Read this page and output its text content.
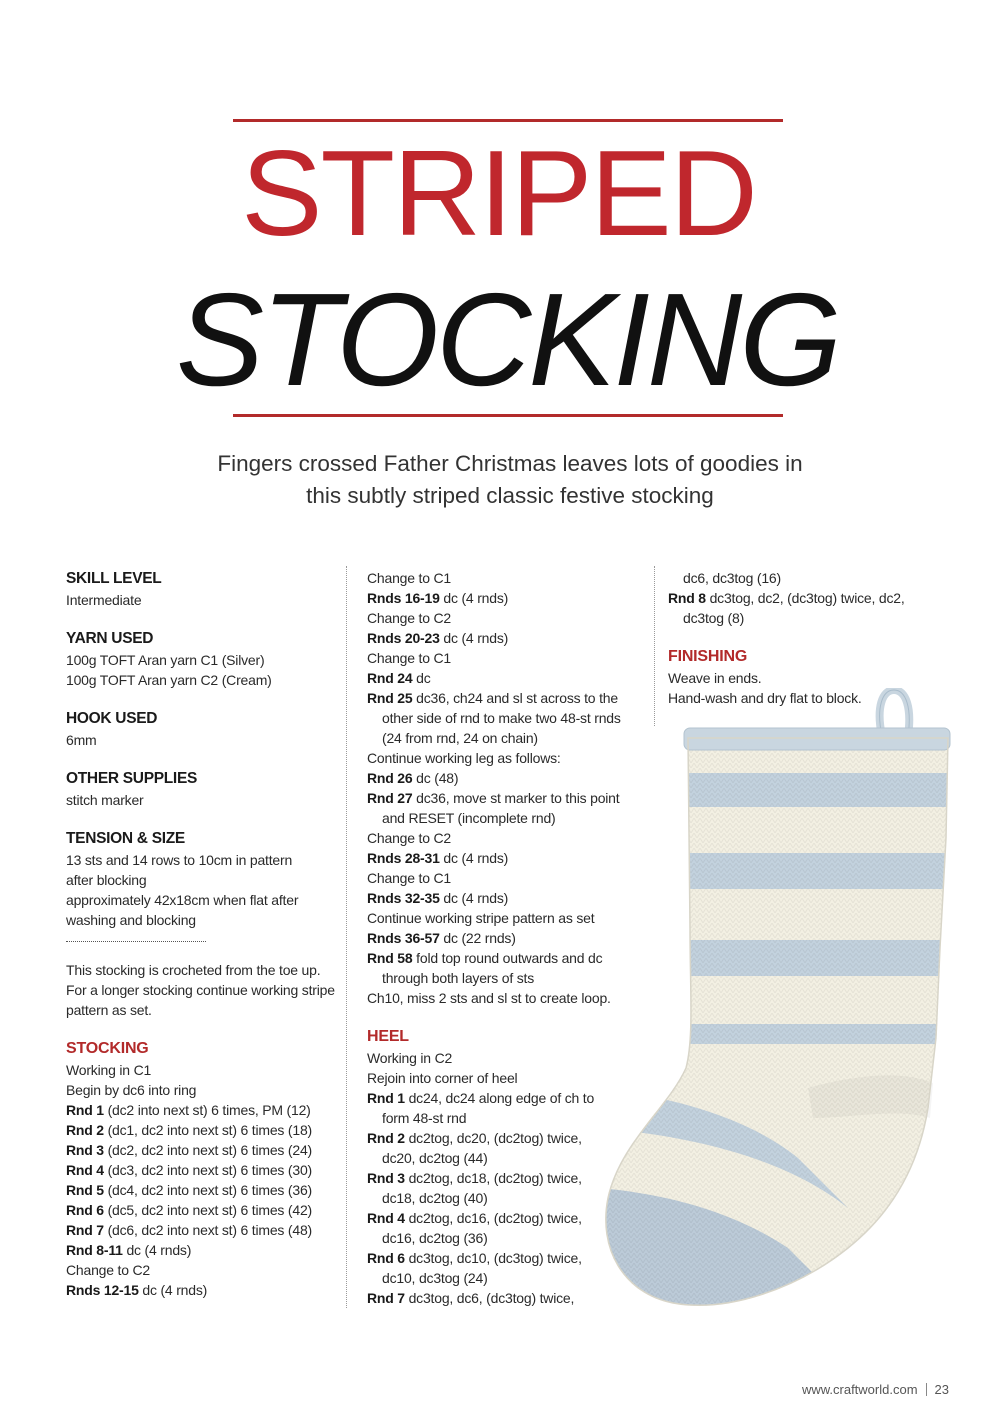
STRIPED
STOCKING
Fingers crossed Father Christmas leaves lots of goodies in
this subtly striped classic festive stocking
SKILL LEVEL
Intermediate
YARN USED
100g TOFT Aran yarn C1 (Silver)
100g TOFT Aran yarn C2 (Cream)
HOOK USED
6mm
OTHER SUPPLIES
stitch marker
TENSION & SIZE
13 sts and 14 rows to 10cm in pattern
after blocking
approximately 42x18cm when flat after
washing and blocking
This stocking is crocheted from the toe up.
For a longer stocking continue working stripe
pattern as set.
STOCKING
Working in C1
Begin by dc6 into ring
Rnd 1 (dc2 into next st) 6 times, PM (12)
Rnd 2 (dc1, dc2 into next st) 6 times (18)
Rnd 3 (dc2, dc2 into next st) 6 times (24)
Rnd 4 (dc3, dc2 into next st) 6 times (30)
Rnd 5 (dc4, dc2 into next st) 6 times (36)
Rnd 6 (dc5, dc2 into next st) 6 times (42)
Rnd 7 (dc6, dc2 into next st) 6 times (48)
Rnd 8-11 dc (4 rnds)
Change to C2
Rnds 12-15 dc (4 rnds)
Change to C1
Rnds 16-19 dc (4 rnds)
Change to C2
Rnds 20-23 dc (4 rnds)
Change to C1
Rnd 24 dc
Rnd 25 dc36, ch24 and sl st across to the
other side of rnd to make two 48-st rnds
(24 from rnd, 24 on chain)
Continue working leg as follows:
Rnd 26 dc (48)
Rnd 27 dc36, move st marker to this point
and RESET (incomplete rnd)
Change to C2
Rnds 28-31 dc (4 rnds)
Change to C1
Rnds 32-35 dc (4 rnds)
Continue working stripe pattern as set
Rnds 36-57 dc (22 rnds)
Rnd 58 fold top round outwards and dc
through both layers of sts
Ch10, miss 2 sts and sl st to create loop.
HEEL
Working in C2
Rejoin into corner of heel
Rnd 1 dc24, dc24 along edge of ch to
form 48-st rnd
Rnd 2 dc2tog, dc20, (dc2tog) twice,
dc20, dc2tog (44)
Rnd 3 dc2tog, dc18, (dc2tog) twice,
dc18, dc2tog (40)
Rnd 4 dc2tog, dc16, (dc2tog) twice,
dc16, dc2tog (36)
Rnd 6 dc3tog, dc10, (dc3tog) twice,
dc10, dc3tog (24)
Rnd 7 dc3tog, dc6, (dc3tog) twice,
dc6, dc3tog (16)
Rnd 8 dc3tog, dc2, (dc3tog) twice, dc2,
dc3tog (8)
FINISHING
Weave in ends.
Hand-wash and dry flat to block.
www.craftworld.com 23
